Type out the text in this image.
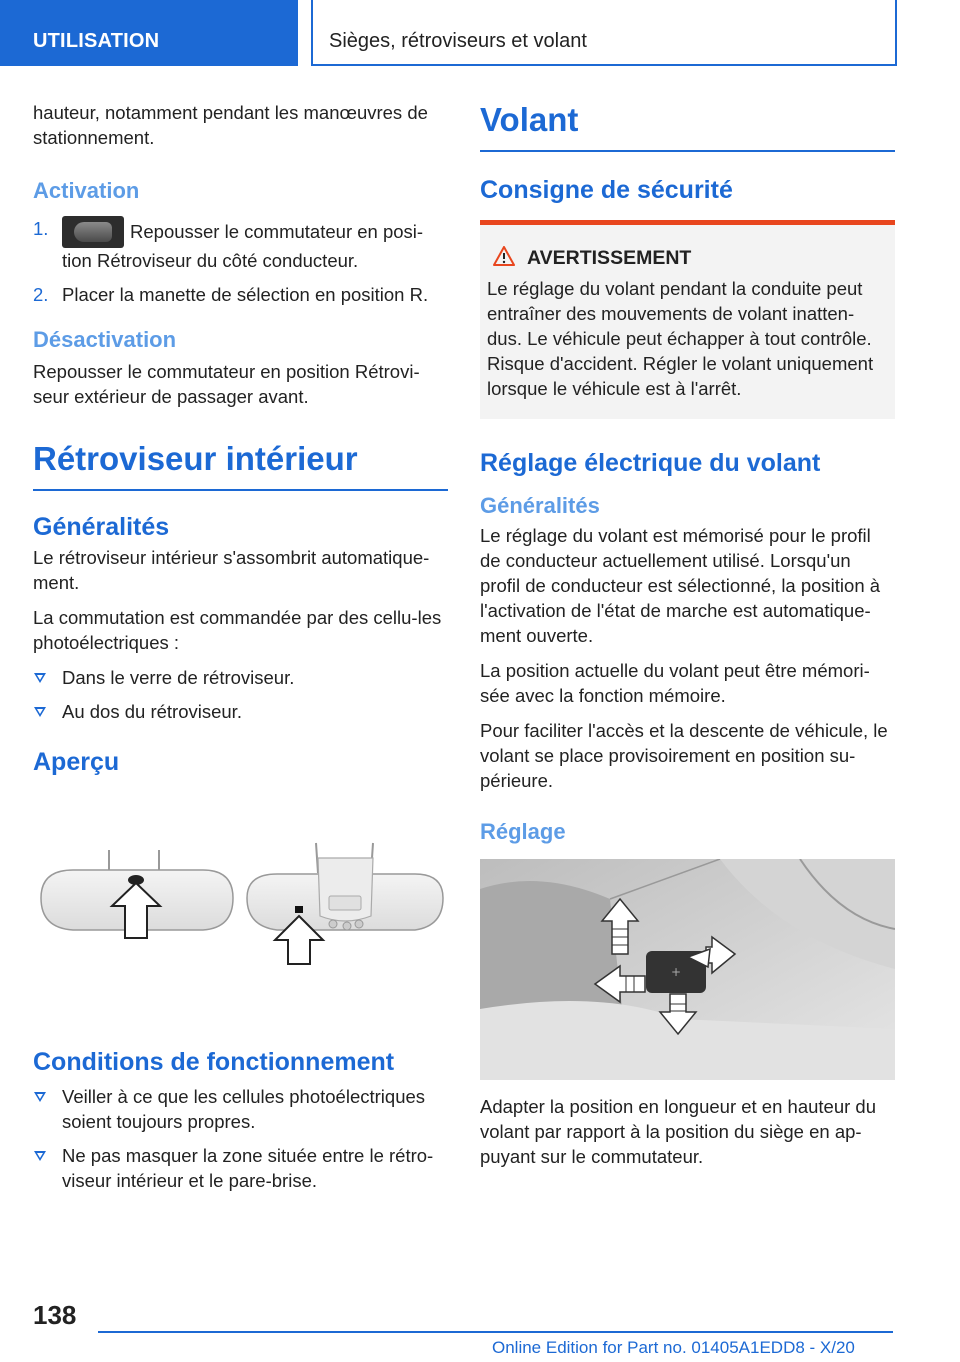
UTILISATION	Sièges, rétroviseurs et volant

hauteur, notamment pendant les manœuvres de stationnement.

Activation
1.	Repousser le commutateur en posi-tion Rétroviseur du côté conducteur.
2. Placer la manette de sélection en position R.
Désactivation

Repousser le commutateur en position Rétrovi-seur extérieur de passager avant.

Rétroviseur intérieur
Généralités

Le rétroviseur intérieur s'assombrit automatique-ment.

La commutation est commandée par des cellu-les photoélectriques :

Dans le verre de rétroviseur.
Au dos du rétroviseur.
Aperçu
Conditions de fonctionnement
Veiller à ce que les cellules photoélectriques soient toujours propres.
Ne pas masquer la zone située entre le rétro-viseur intérieur et le pare-brise.
Volant
Consigne de sécurité
AVERTISSEMENT

Le réglage du volant pendant la conduite peut entraîner des mouvements de volant inatten-dus. Le véhicule peut échapper à tout contrôle. Risque d'accident. Régler le volant uniquement lorsque le véhicule est à l'arrêt.

Réglage électrique du volant
Généralités

Le réglage du volant est mémorisé pour le profil de conducteur actuellement utilisé. Lorsqu'un profil de conducteur est sélectionné, la position à l'activation de l'état de marche est automatique-ment ouverte.

La position actuelle du volant peut être mémori-sée avec la fonction mémoire.

Pour faciliter l'accès et la descente de véhicule, le volant se place provisoirement en position su-périeure.

Réglage
+

Adapter la position en longueur et en hauteur du volant par rapport à la position du siège en ap-puyant sur le commutateur.

138
Online Edition for Part no. 01405A1EDD8 - X/20
